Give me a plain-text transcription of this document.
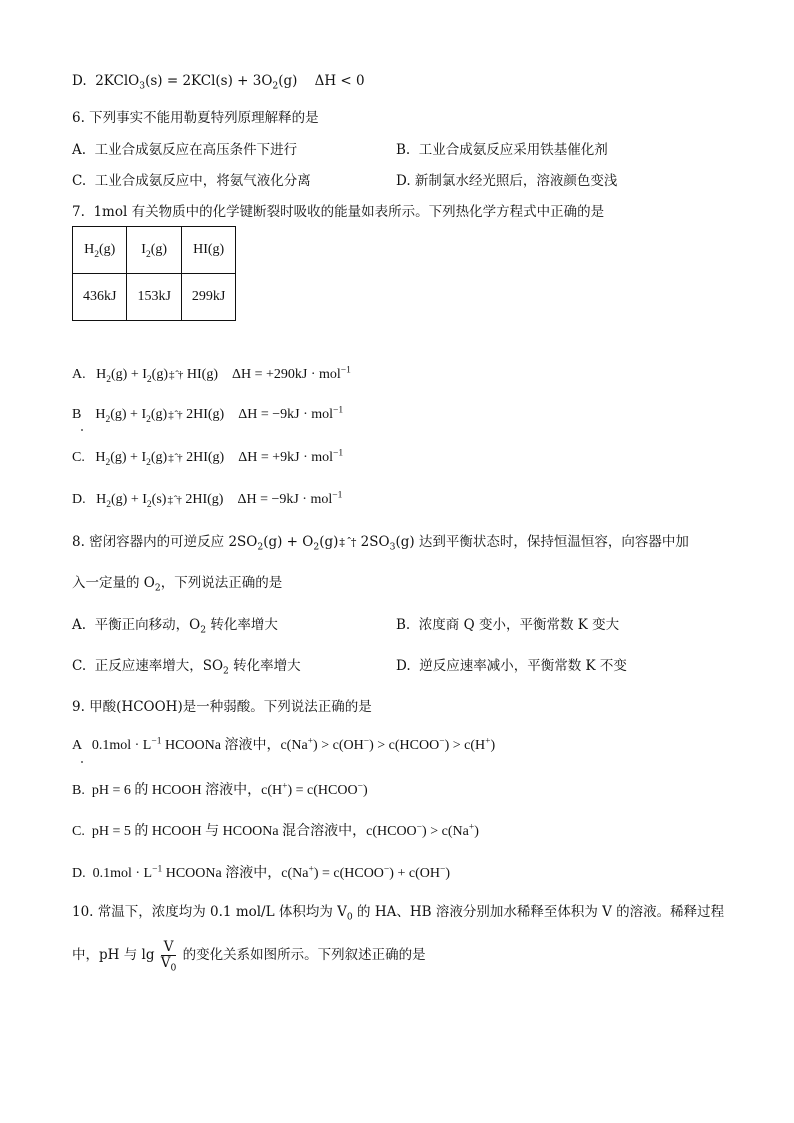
D.  2KClO$_3$(s) = $2KCl(s) + 3O_2(g)$    ΔH < 0
6. 下列事实不能用勒夏特列原理解释的是
A.  工业合成氨反应在高压条件下进行	B.  工业合成氨反应采用铁基催化剂
C.  工业合成氨反应中，将氨气液化分离	D. 新制氯水经光照后，溶液颜色变浅
7.  1mol 有关物质中的化学键断裂时吸收的能量如表所示。下列热化学方程式中正确的是
$H_2(g)$	$I_2(g)$	HI(g)
436kJ	153kJ	299kJ
A.   $H_2(g)$ + $I_2(g)\ddagger$ ˆ† HI(g)    ΔH = +290kJ · mol$^{-1}$
B    $H_2(g)$ + $I_2(g)\ddagger$ ˆ† 2HI(g)    ΔH = −9kJ · mol$^{-1}$
C.   $H_2(g)$ + $I_2(g)\ddagger$ ˆ† 2HI(g)    ΔH = +9kJ · mol$^{-1}$
D.   $H_2(g)$ + $I_2(s)\ddagger$ ˆ† 2HI(g)    ΔH = −9kJ · mol$^{-1}$
8. 密闭容器内的可逆反应 $2SO_2(g)$ + $O_2(g)\ddagger$ ˆ† $2SO_3(g)$ 达到平衡状态时，保持恒温恒容，向容器中加
入一定量的 $O_2$，下列说法正确的是
A.  平衡正向移动，$O_2$ 转化率增大	B.  浓度商 Q 变小，平衡常数 K 变大
C.  正反应速率增大，$SO_2$ 转化率增大	D.  逆反应速率减小，平衡常数 K 不变
9. 甲酸(HCOOH)是一种弱酸。下列说法正确的是
A   $0.1mol \cdot L^{-1}$ HCOONa 溶液中，c(Na+) > c(OH−) > c(HCOO−) > c(H+)
B.  pH = 6 的 HCOOH 溶液中，c(H+) = c(HCOO−)
C.  pH = 5 的 HCOOH 与 HCOONa 混合溶液中，c(HCOO−) > c(Na+)
D.  $0.1mol \cdot L^{-1}$ HCOONa 溶液中，c(Na+) = c(HCOO−) + c(OH−)
10. 常温下，浓度均为 0.1 mol/L 体积均为 $V_0$ 的 HA、HB 溶液分别加水稀释至体积为 V 的溶液。稀释过程
中，pH 与 $\lg \frac{V}{V_0}$ 的变化关系如图所示。下列叙述正确的是
